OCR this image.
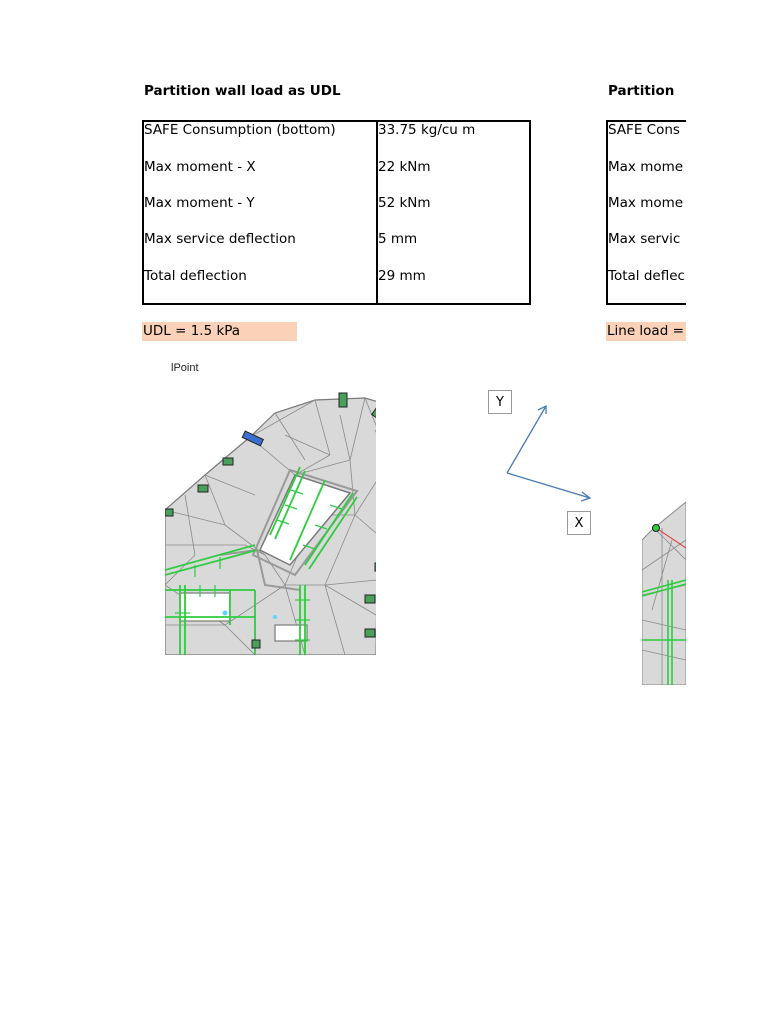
Partition wall load as UDL
SAFE Consumption (bottom)	33.75 kg/cu m
Max moment - X	22 kNm
Max moment - Y	52 kNm
Max service deflection	5 mm
Total deflection	29 mm
UDL = 1.5 kPa
Partition
SAFE Cons
Max mome
Max mome
Max servic
Total deflec
Line load =
lPoint
Y
X
